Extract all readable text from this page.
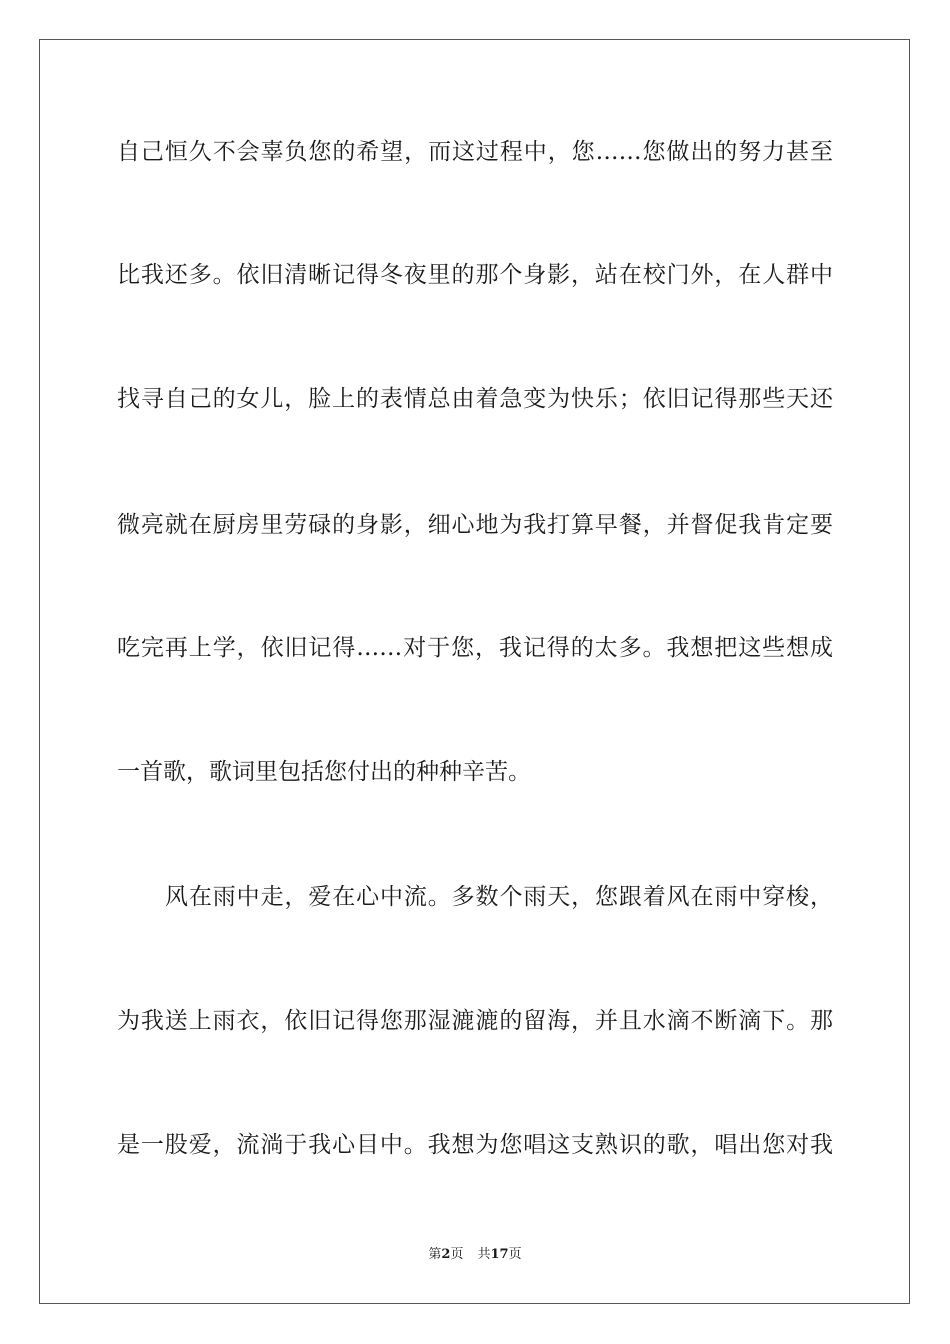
自己恒久不会辜负您的希望，而这过程中，您……您做出的努力甚至
比我还多。依旧清晰记得冬夜里的那个身影，站在校门外，在人群中
找寻自己的女儿，脸上的表情总由着急变为快乐；依旧记得那些天还
微亮就在厨房里劳碌的身影，细心地为我打算早餐，并督促我肯定要
吃完再上学，依旧记得……对于您，我记得的太多。我想把这些想成
一首歌，歌词里包括您付出的种种辛苦。
风在雨中走，爱在心中流。多数个雨天，您跟着风在雨中穿梭，
为我送上雨衣，依旧记得您那湿漉漉的留海，并且水滴不断滴下。那
是一股爱，流淌于我心目中。我想为您唱这支熟识的歌，唱出您对我
第2页 共17页
